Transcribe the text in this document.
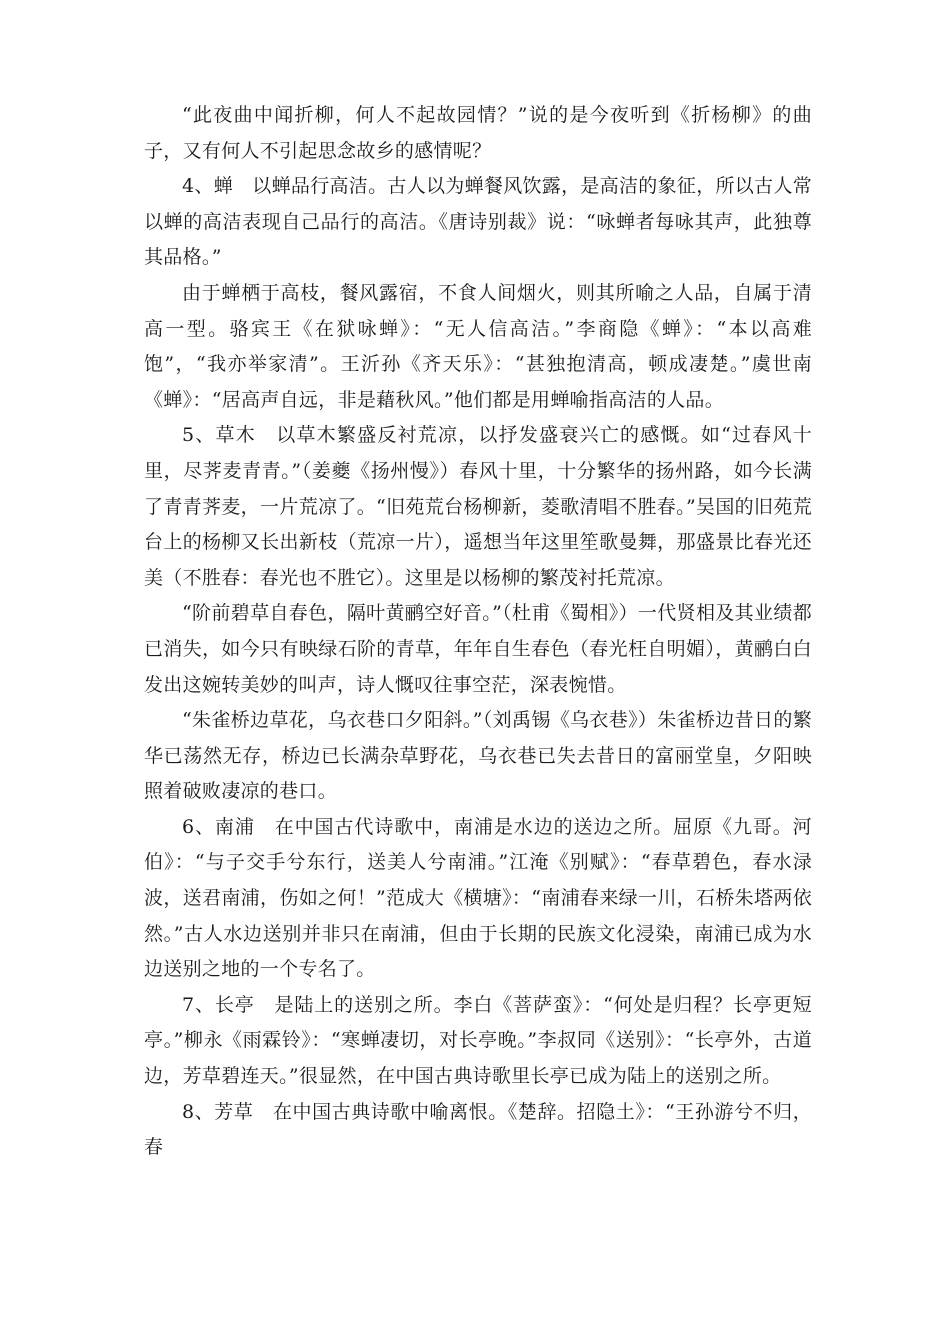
“此夜曲中闻折柳，何人不起故园情？”说的是今夜听到《折杨柳》的曲子，又有何人不引起思念故乡的感情呢？

4、蝉　以蝉品行高洁。古人以为蝉餐风饮露，是高洁的象征，所以古人常以蝉的高洁表现自己品行的高洁。《唐诗别裁》说：“咏蝉者每咏其声，此独尊其品格。”

由于蝉栖于高枝，餐风露宿，不食人间烟火，则其所喻之人品，自属于清高一型。骆宾王《在狱咏蝉》：“无人信高洁。”李商隐《蝉》：“本以高难饱”，“我亦举家清”。王沂孙《齐天乐》：“甚独抱清高，顿成凄楚。”虞世南《蝉》：“居高声自远，非是藉秋风。”他们都是用蝉喻指高洁的人品。

5、草木　以草木繁盛反衬荒凉，以抒发盛衰兴亡的感慨。如“过春风十里，尽荠麦青青。”（姜夔《扬州慢》）春风十里，十分繁华的扬州路，如今长满了青青荠麦，一片荒凉了。“旧苑荒台杨柳新，菱歌清唱不胜春。”吴国的旧苑荒台上的杨柳又长出新枝（荒凉一片），遥想当年这里笙歌曼舞，那盛景比春光还美（不胜春：春光也不胜它）。这里是以杨柳的繁茂衬托荒凉。

“阶前碧草自春色，隔叶黄鹂空好音。”（杜甫《蜀相》）一代贤相及其业绩都已消失，如今只有映绿石阶的青草，年年自生春色（春光枉自明媚），黄鹂白白发出这婉转美妙的叫声，诗人慨叹往事空茫，深表惋惜。

“朱雀桥边草花，乌衣巷口夕阳斜。”（刘禹锡《乌衣巷》）朱雀桥边昔日的繁华已荡然无存，桥边已长满杂草野花，乌衣巷已失去昔日的富丽堂皇，夕阳映照着破败凄凉的巷口。

6、南浦　在中国古代诗歌中，南浦是水边的送边之所。屈原《九哥。河伯》：“与子交手兮东行，送美人兮南浦。”江淹《别赋》：“春草碧色，春水渌波，送君南浦，伤如之何！”范成大《横塘》：“南浦春来绿一川，石桥朱塔两依然。”古人水边送别并非只在南浦，但由于长期的民族文化浸染，南浦已成为水边送别之地的一个专名了。

7、长亭　是陆上的送别之所。李白《菩萨蛮》：“何处是归程？长亭更短亭。”柳永《雨霖铃》：“寒蝉凄切，对长亭晚。”李叔同《送别》：“长亭外，古道边，芳草碧连天。”很显然，在中国古典诗歌里长亭已成为陆上的送别之所。

8、芳草　在中国古典诗歌中喻离恨。《楚辞。招隐土》：“王孙游兮不归，春
